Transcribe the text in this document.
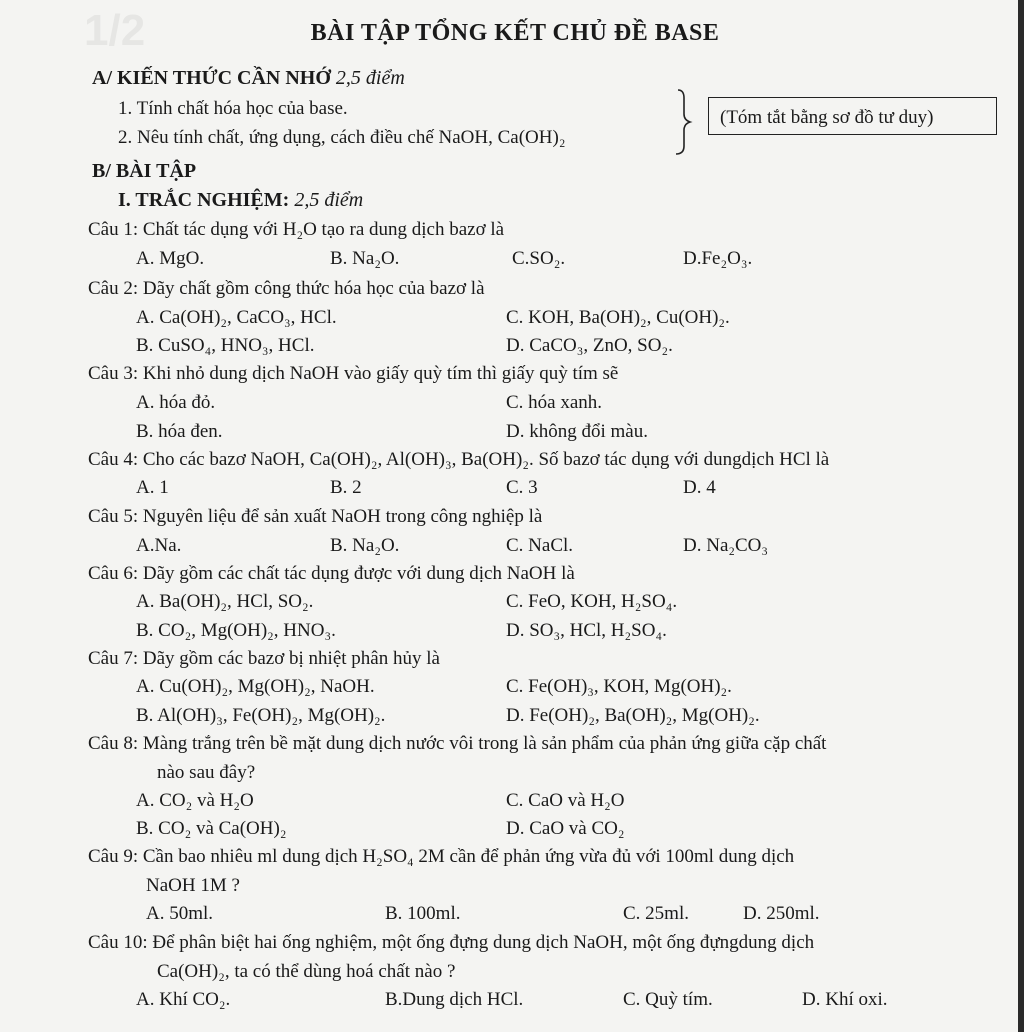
1/2	BÀI TẬP TỔNG KẾT CHỦ ĐỀ BASE
A/ KIẾN THỨC CẦN NHỚ 2,5 điểm
1. Tính chất hóa học của base.
2. Nêu tính chất, ứng dụng, cách điều chế NaOH, Ca(OH)₂
(Tóm tắt bằng sơ đồ tư duy)
B/ BÀI TẬP
I. TRẮC NGHIỆM: 2,5 điểm
Câu 1: Chất tác dụng với H₂O tạo ra dung dịch bazơ là
A. MgO.	B. Na₂O.	C.SO₂.	D.Fe₂O₃.
Câu 2: Dãy chất gồm công thức hóa học của bazơ là
A. Ca(OH)₂, CaCO₃, HCl.	C. KOH, Ba(OH)₂, Cu(OH)₂.
B. CuSO₄, HNO₃, HCl.	D. CaCO₃, ZnO, SO₂.
Câu 3: Khi nhỏ dung dịch NaOH vào giấy quỳ tím thì giấy quỳ tím sẽ
A. hóa đỏ.	C. hóa xanh.
B. hóa đen.	D. không đổi màu.
Câu 4: Cho các bazơ NaOH, Ca(OH)₂, Al(OH)₃, Ba(OH)₂. Số bazơ tác dụng với dungdịch HCl là
A. 1	B. 2	C. 3	D. 4
Câu 5: Nguyên liệu để sản xuất NaOH trong công nghiệp là
A.Na.	B. Na₂O.	C. NaCl.	D. Na₂CO₃
Câu 6: Dãy gồm các chất tác dụng được với dung dịch NaOH là
A. Ba(OH)₂, HCl, SO₂.	C. FeO, KOH, H₂SO₄.
B. CO₂, Mg(OH)₂, HNO₃.	D. SO₃, HCl, H₂SO₄.
Câu 7: Dãy gồm các bazơ bị nhiệt phân hủy là
A. Cu(OH)₂, Mg(OH)₂, NaOH.	C. Fe(OH)₃, KOH, Mg(OH)₂.
B. Al(OH)₃, Fe(OH)₂, Mg(OH)₂.	D. Fe(OH)₂, Ba(OH)₂, Mg(OH)₂.
Câu 8: Màng trắng trên bề mặt dung dịch nước vôi trong là sản phẩm của phản ứng giữa cặp chất
nào sau đây?
A. CO₂ và H₂O	C. CaO và H₂O
B. CO₂ và Ca(OH)₂	D. CaO và CO₂
Câu 9: Cần bao nhiêu ml dung dịch H₂SO₄ 2M cần để phản ứng vừa đủ với 100ml dung dịch
NaOH 1M ?
A. 50ml.	B. 100ml.	C. 25ml.	D. 250ml.
Câu 10: Để phân biệt hai ống nghiệm, một ống đựng dung dịch NaOH, một ống đựngdung dịch
Ca(OH)₂, ta có thể dùng hoá chất nào ?
A. Khí CO₂.	B.Dung dịch HCl.	C. Quỳ tím.	D. Khí oxi.
